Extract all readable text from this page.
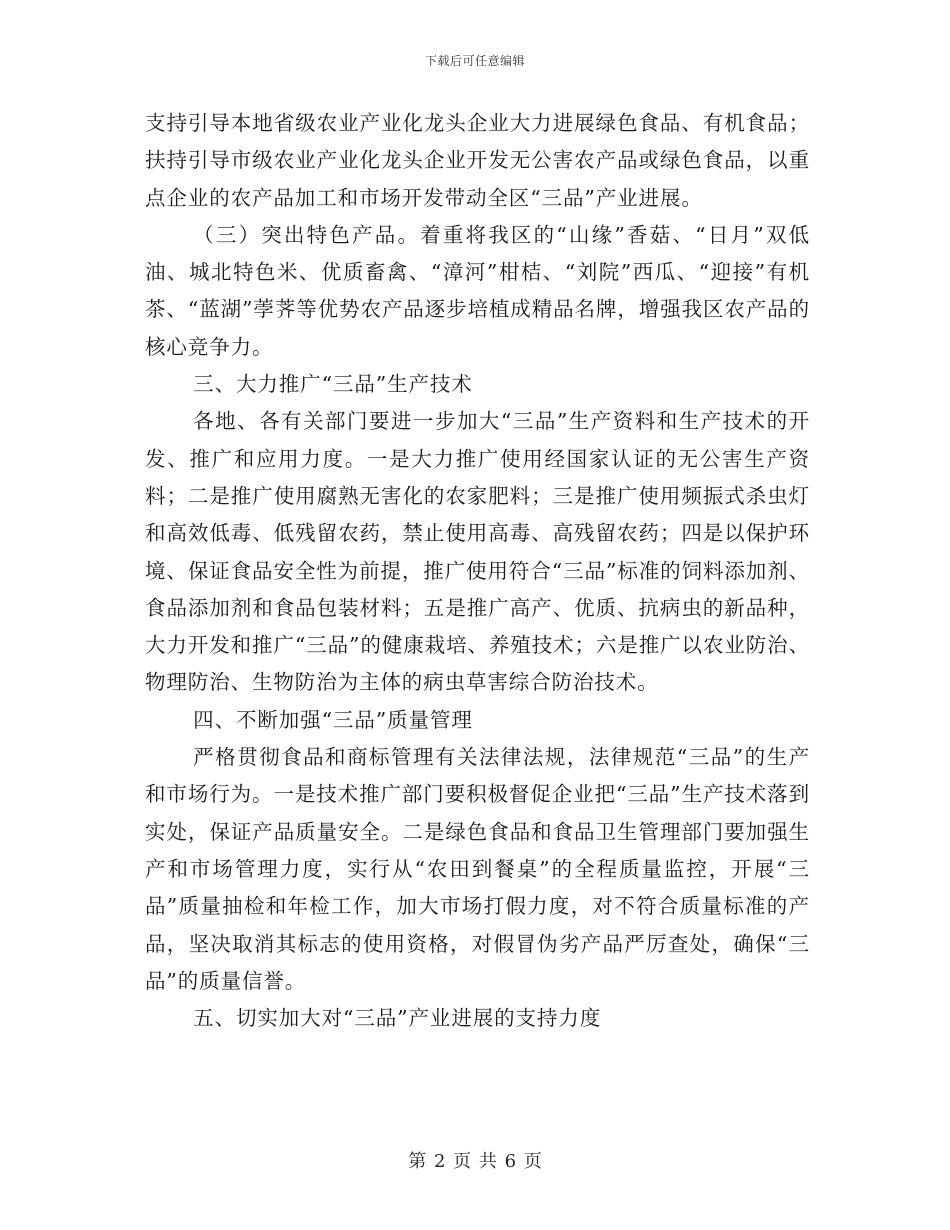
下载后可任意编辑

支持引导本地省级农业产业化龙头企业大力进展绿色食品、有机食品；扶持引导市级农业产业化龙头企业开发无公害农产品或绿色食品，以重点企业的农产品加工和市场开发带动全区“三品”产业进展。

（三）突出特色产品。着重将我区的“山缘”香菇、“日月”双低油、城北特色米、优质畜禽、“漳河”柑桔、“刘院”西瓜、“迎接”有机茶、“蓝湖”荸荠等优势农产品逐步培植成精品名牌，增强我区农产品的核心竞争力。

三、大力推广“三品”生产技术

各地、各有关部门要进一步加大“三品”生产资料和生产技术的开发、推广和应用力度。一是大力推广使用经国家认证的无公害生产资料；二是推广使用腐熟无害化的农家肥料；三是推广使用频振式杀虫灯和高效低毒、低残留农药，禁止使用高毒、高残留农药；四是以保护环境、保证食品安全性为前提，推广使用符合“三品”标准的饲料添加剂、食品添加剂和食品包装材料；五是推广高产、优质、抗病虫的新品种，大力开发和推广“三品”的健康栽培、养殖技术；六是推广以农业防治、物理防治、生物防治为主体的病虫草害综合防治技术。

四、不断加强“三品”质量管理

严格贯彻食品和商标管理有关法律法规，法律规范“三品”的生产和市场行为。一是技术推广部门要积极督促企业把“三品”生产技术落到实处，保证产品质量安全。二是绿色食品和食品卫生管理部门要加强生产和市场管理力度，实行从“农田到餐桌”的全程质量监控，开展“三品”质量抽检和年检工作，加大市场打假力度，对不符合质量标准的产品，坚决取消其标志的使用资格，对假冒伪劣产品严厉查处，确保“三品”的质量信誉。

五、切实加大对“三品”产业进展的支持力度

第 2 页 共 6 页
